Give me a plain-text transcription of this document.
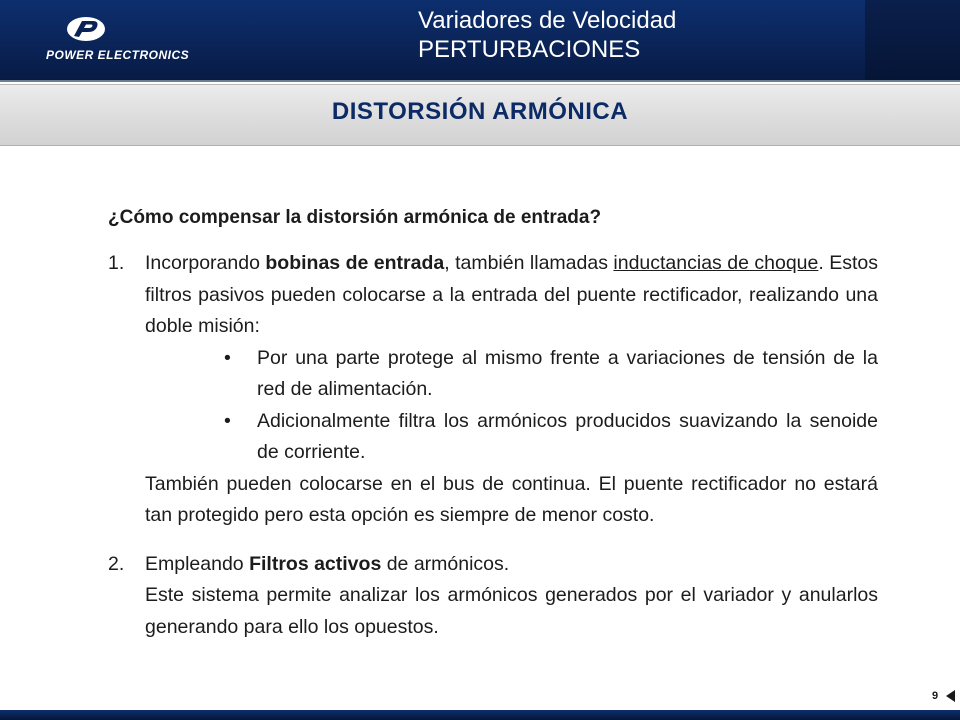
POWER ELECTRONICS
Variadores de Velocidad
PERTURBACIONES
DISTORSIÓN ARMÓNICA
¿Cómo compensar la distorsión armónica de entrada?
1. Incorporando bobinas de entrada, también llamadas inductancias de choque. Estos filtros pasivos pueden colocarse a la entrada del puente rectificador, realizando una doble misión:
• Por una parte protege al mismo frente a variaciones de tensión de la red de alimentación.
• Adicionalmente filtra los armónicos producidos suavizando la senoide de corriente.
También pueden colocarse en el bus de continua. El puente rectificador no estará tan protegido pero esta opción es siempre de menor costo.
2. Empleando Filtros activos de armónicos.
Este sistema permite analizar los armónicos generados por el variador y anularlos generando para ello los opuestos.
9
